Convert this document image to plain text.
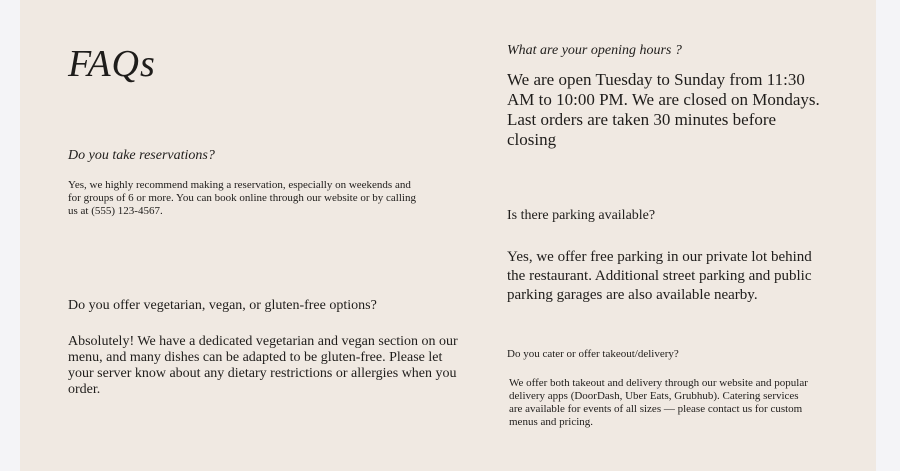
FAQs

Do you take reservations?

Yes, we highly recommend making a reservation, especially on weekends and for groups of 6 or more. You can book online through our website or by calling us at (555) 123-4567.

Do you offer vegetarian, vegan, or gluten-free options?

Absolutely! We have a dedicated vegetarian and vegan section on our menu, and many dishes can be adapted to be gluten-free. Please let your server know about any dietary restrictions or allergies when you order.

What are your opening hours ?

We are open Tuesday to Sunday from 11:30 AM to 10:00 PM. We are closed on Mondays. Last orders are taken 30 minutes before closing

Is there parking available?

Yes, we offer free parking in our private lot behind the restaurant. Additional street parking and public parking garages are also available nearby.

Do you cater or offer takeout/delivery?

We offer both takeout and delivery through our website and popular delivery apps (DoorDash, Uber Eats, Grubhub). Catering services are available for events of all sizes — please contact us for custom menus and pricing.
